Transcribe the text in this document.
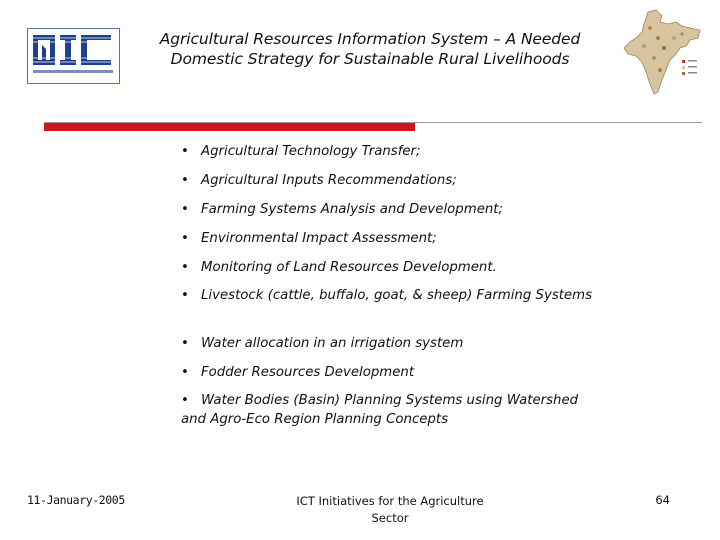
Agricultural Resources Information System – A Needed Domestic Strategy for Sustainable Rural Livelihoods
• Agricultural Technology Transfer;
• Agricultural Inputs Recommendations;
• Farming Systems Analysis and Development;
• Environmental Impact Assessment;
• Monitoring of Land Resources Development.
• Livestock (cattle, buffalo, goat, & sheep) Farming Systems
• Water allocation in an irrigation system
• Fodder Resources Development
• Water Bodies (Basin) Planning Systems using Watershed and Agro-Eco Region Planning Concepts
11-January-2005	ICT Initiatives for the Agriculture Sector
64
